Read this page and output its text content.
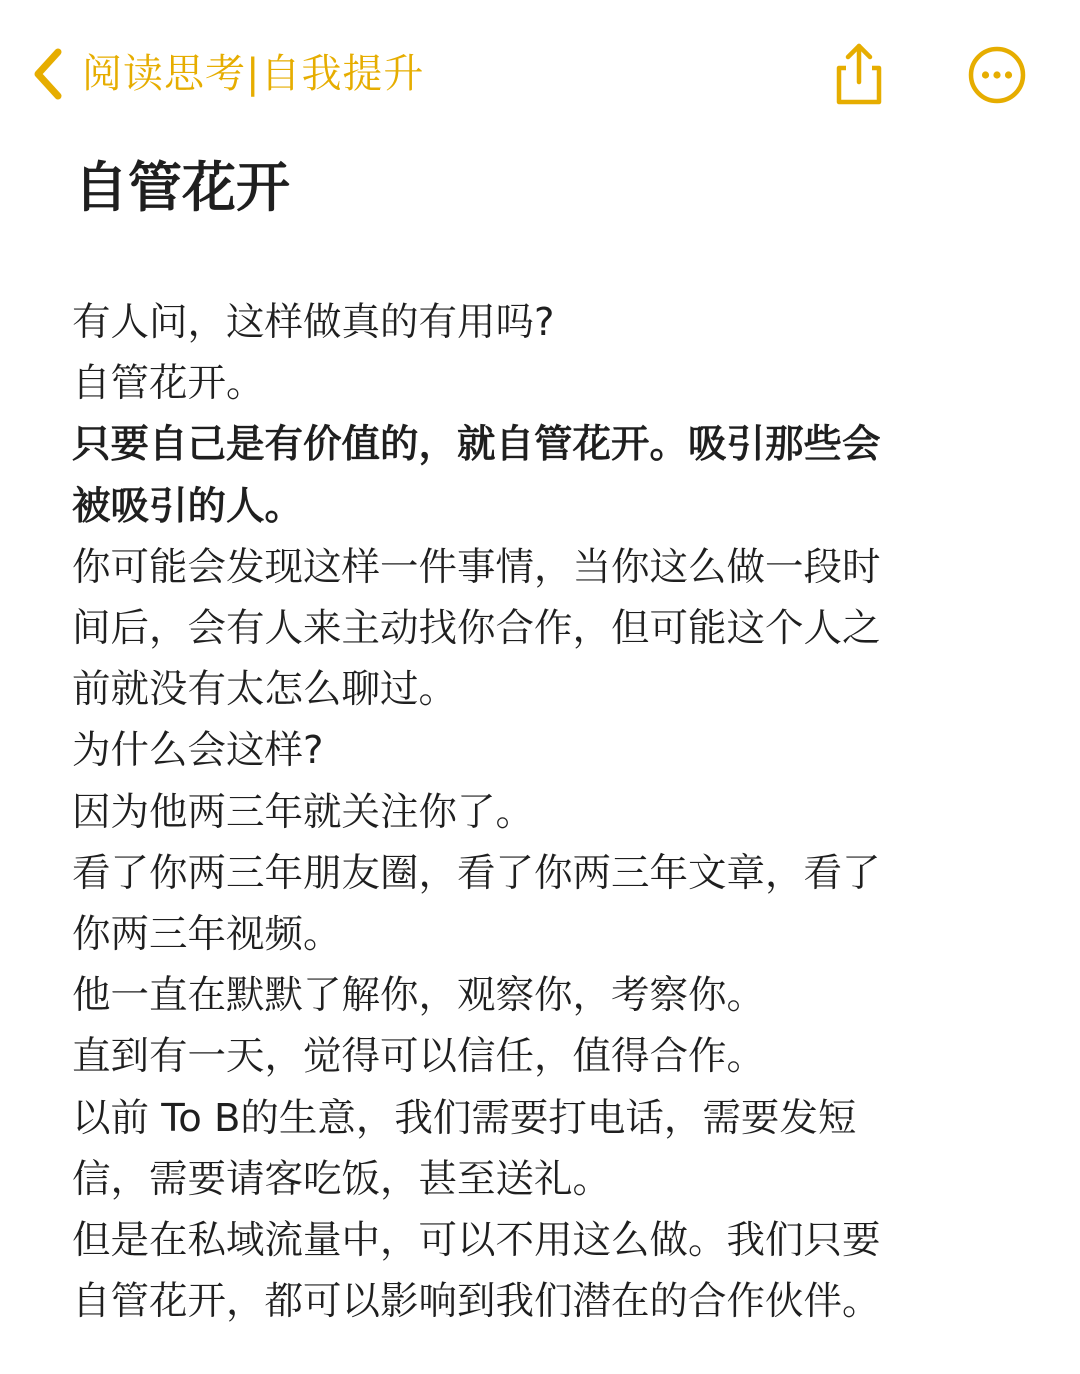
阅读思考|自我提升
自管花开
有人问，这样做真的有用吗?
自管花开。
只要自己是有价值的，就自管花开。吸引那些会
被吸引的人。
你可能会发现这样一件事情，当你这么做一段时
间后，会有人来主动找你合作，但可能这个人之
前就没有太怎么聊过。
为什么会这样?
因为他两三年就关注你了。
看了你两三年朋友圈，看了你两三年文章，看了
你两三年视频。
他一直在默默了解你，观察你，考察你。
直到有一天，觉得可以信任，值得合作。
以前 To B的生意，我们需要打电话，需要发短
信，需要请客吃饭，甚至送礼。
但是在私域流量中，可以不用这么做。我们只要
自管花开，都可以影响到我们潜在的合作伙伴。
